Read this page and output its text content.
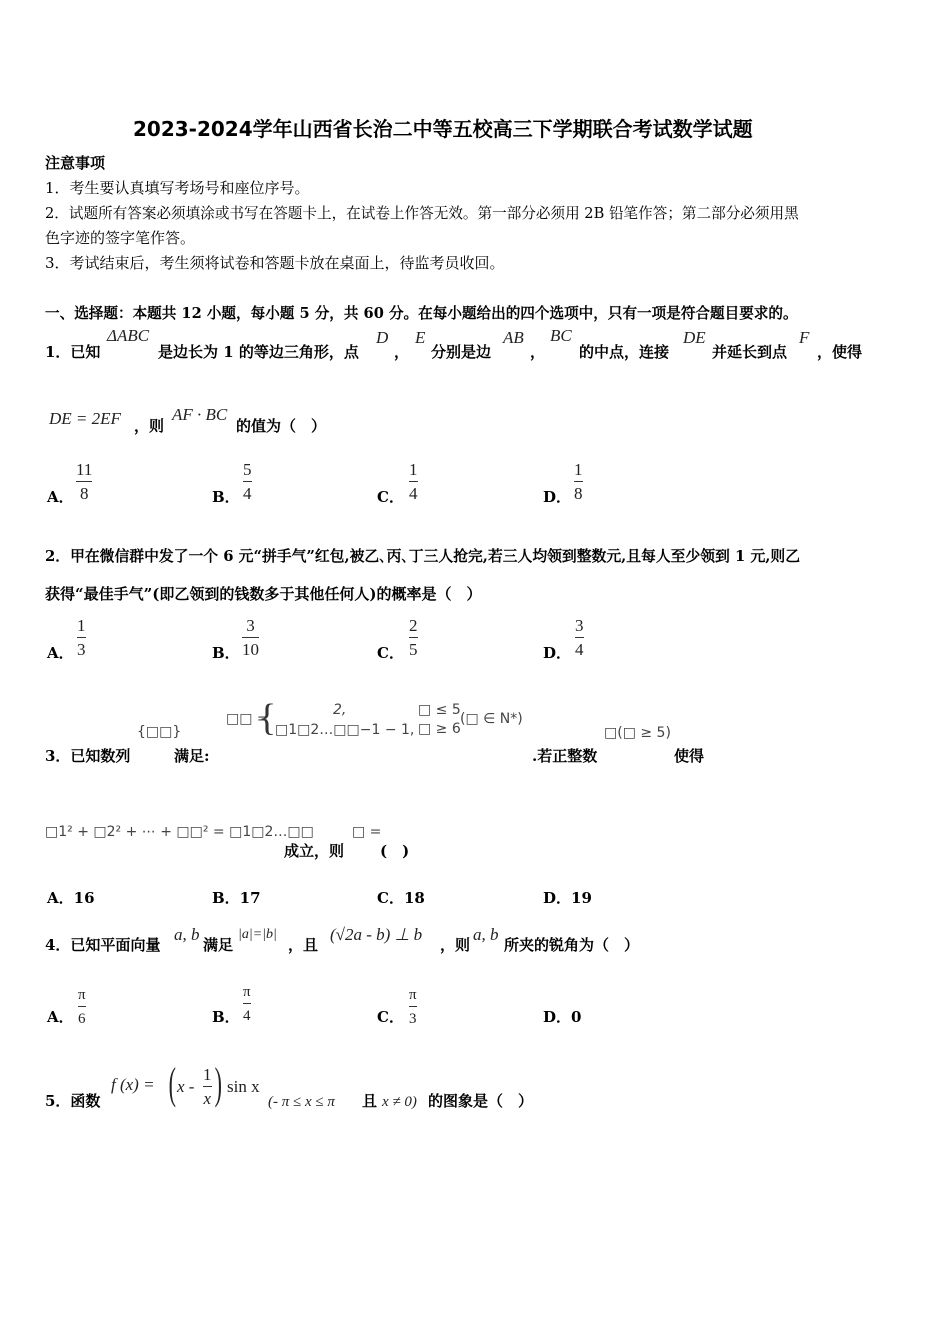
2023-2024学年山西省长治二中等五校高三下学期联合考试数学试题
注意事项
1．考生要认真填写考场号和座位序号。
2．试题所有答案必须填涂或书写在答题卡上，在试卷上作答无效。第一部分必须用 2B 铅笔作答；第二部分必须用黑
色字迹的签字笔作答。
3．考试结束后，考生须将试卷和答题卡放在桌面上，待监考员收回。
一、选择题：本题共 12 小题，每小题 5 分，共 60 分。在每小题给出的四个选项中，只有一项是符合题目要求的。
1．已知
ΔABC
是边长为 1 的等边三角形，点
D
，
E
分别是边
AB
，
BC
的中点，连接
DE
并延长到点
F
，使得
DE = 2EF ，则
AF · BC
的值为（　）
A．
11
8	B．
5
4	C．
1
4	D．
1
8
2．甲在微信群中发了一个 6 元“拼手气”红包,被乙､丙､丁三人抢完,若三人均领到整数元,且每人至少领到 1 元,则乙
获得“最佳手气”(即乙领到的钱数多于其他任何人)的概率是（　）
A．
1
3	B．
3
10	C．
2
5	D．
3
4
3．已知数列
{□□}
满足:
□□ =
{	2,
□1□2…□□−1 − 1,
□ ≤ 5
□ ≥ 6
(□ ∈ N*)
.若正整数
□(□ ≥ 5)
使得
□1² + □2² + ⋯ + □□² = □1□2…□□
成立，则
□ =
(　)
A．16	B．17	C．18	D．19
4．已知平面向量
a, b
满足
|a|=|b|
，且
(√2a - b) ⊥ b
，则
a, b
所夹的锐角为（　）
A．
π
6	B．
π
4	C．
π
3	D．0
5．函数
f (x) = ( x -
1
x ) sin x
(- π ≤ x ≤ π 且 x ≠ 0) 的图象是（　）
